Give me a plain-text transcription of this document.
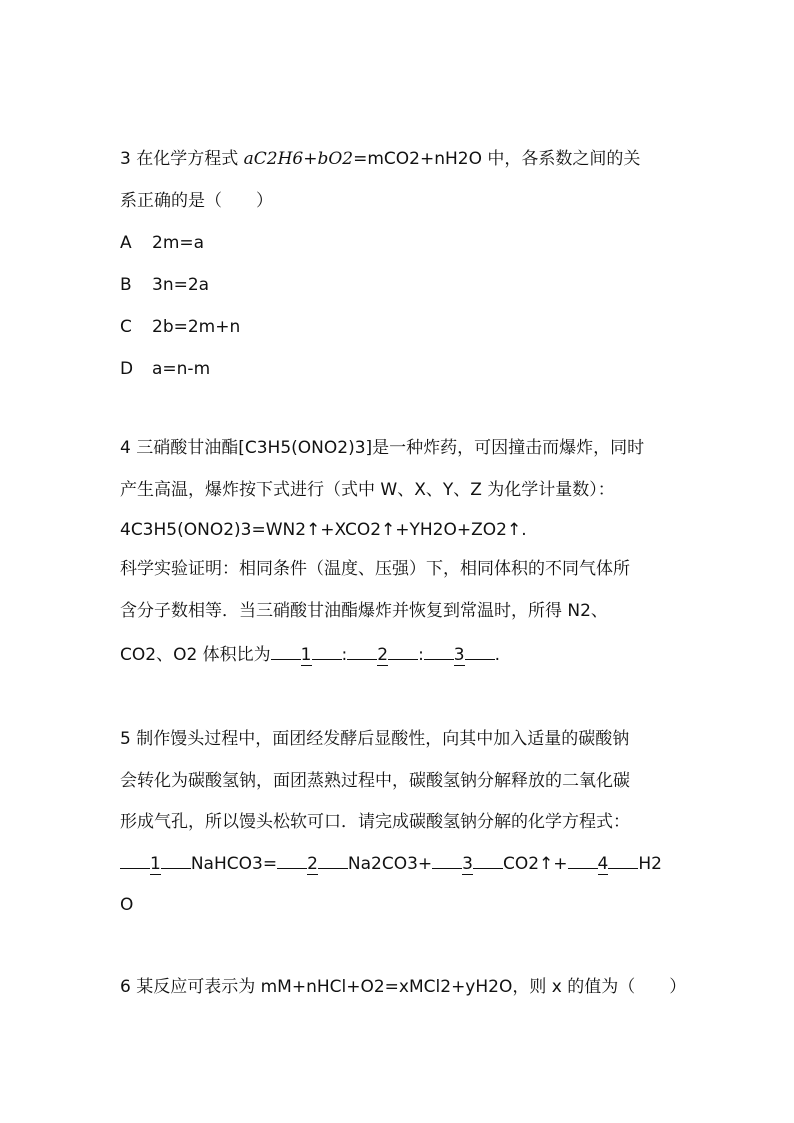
3 在化学方程式 aC2H6+bO2=mCO2+nH2O 中，各系数之间的关
系正确的是（　　）
A 2m=a
B 3n=2a
C 2b=2m+n
D a=n-m
4 三硝酸甘油酯[C3H5(ONO2)3]是一种炸药，可因撞击而爆炸，同时
产生高温，爆炸按下式进行（式中 W、X、Y、Z 为化学计量数）：
4C3H5(ONO2)3=WN2↑+XCO2↑+YH2O+ZO2↑.
科学实验证明：相同条件（温度、压强）下，相同体积的不同气体所
含分子数相等．当三硝酸甘油酯爆炸并恢复到常温时，所得 N2、
CO2、O2 体积比为 1 : 2 : 3 .
5 制作馒头过程中，面团经发酵后显酸性，向其中加入适量的碳酸钠
会转化为碳酸氢钠，面团蒸熟过程中，碳酸氢钠分解释放的二氧化碳
形成气孔，所以馒头松软可口．请完成碳酸氢钠分解的化学方程式：
1 NaHCO3= 2 Na2CO3+ 3 CO2↑+ 4 H2
O
6 某反应可表示为 mM+nHCl+O2=xMCl2+yH2O，则 x 的值为（　　）
